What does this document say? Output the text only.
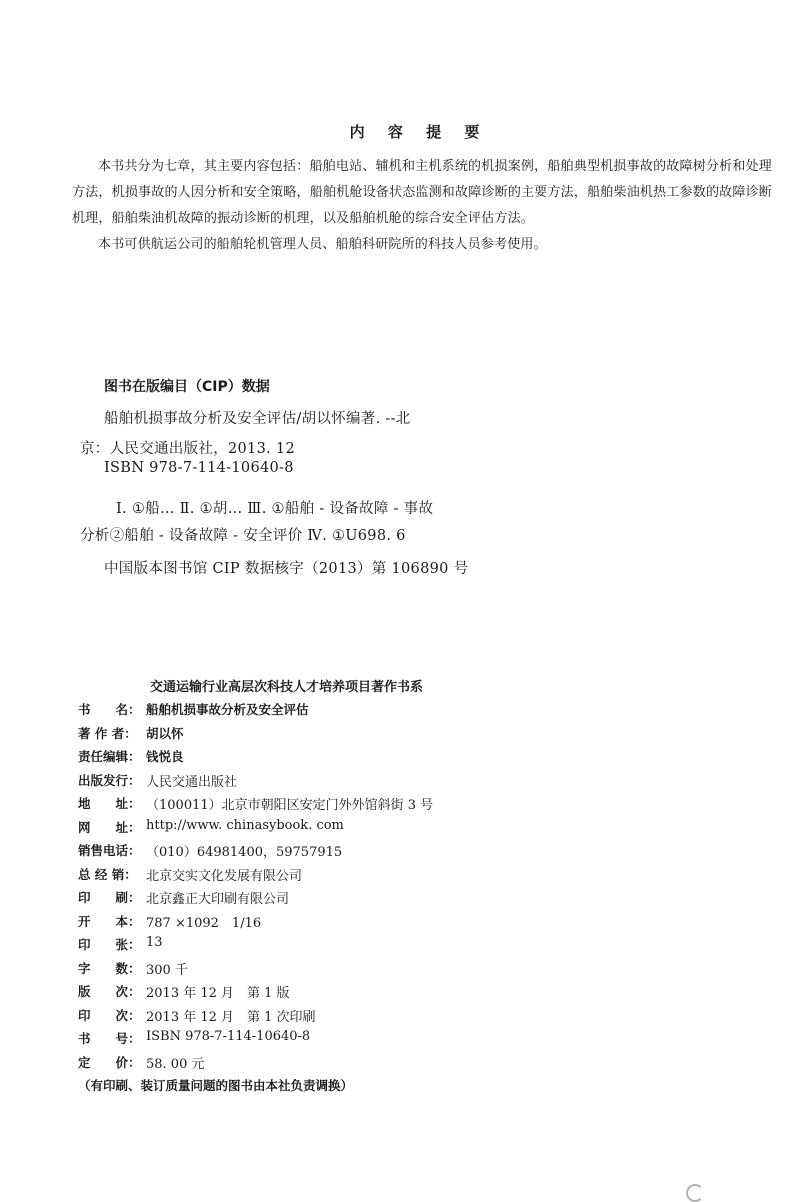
内 容 提 要

本书共分为七章，其主要内容包括：船舶电站、辅机和主机系统的机损案例，船舶典型机损事故的故障树分析和处理方法，机损事故的人因分析和安全策略，船舶机舱设备状态监测和故障诊断的主要方法，船舶柴油机热工参数的故障诊断机理，船舶柴油机故障的振动诊断的机理，以及船舶机舱的综合安全评估方法。

本书可供航运公司的船舶轮机管理人员、船舶科研院所的科技人员参考使用。

图书在版编目（CIP）数据
船舶机损事故分析及安全评估/胡以怀编著. --北
京：人民交通出版社，2013. 12
ISBN 978-7-114-10640-8
Ⅰ. ①船… Ⅱ. ①胡… Ⅲ. ①船舶 - 设备故障 - 事故
分析②船舶 - 设备故障 - 安全评价 Ⅳ. ①U698. 6
中国版本图书馆 CIP 数据核字（2013）第 106890 号
交通运输行业高层次科技人才培养项目著作书系
书　　名： 船舶机损事故分析及安全评估
著 作 者： 胡以怀
责任编辑： 钱悦良
出版发行： 人民交通出版社
地　　址： （100011）北京市朝阳区安定门外外馆斜街 3 号
网　　址： http://www. chinasybook. com
销售电话： （010）64981400，59757915
总 经 销： 北京交实文化发展有限公司
印　　刷： 北京鑫正大印刷有限公司
开　　本： 787 ×1092　1/16
印　　张： 13
字　　数： 300 千
版　　次： 2013 年 12 月　第 1 版
印　　次： 2013 年 12 月　第 1 次印刷
书　　号： ISBN 978-7-114-10640-8
定　　价： 58. 00 元
（有印刷、装订质量问题的图书由本社负责调换）
